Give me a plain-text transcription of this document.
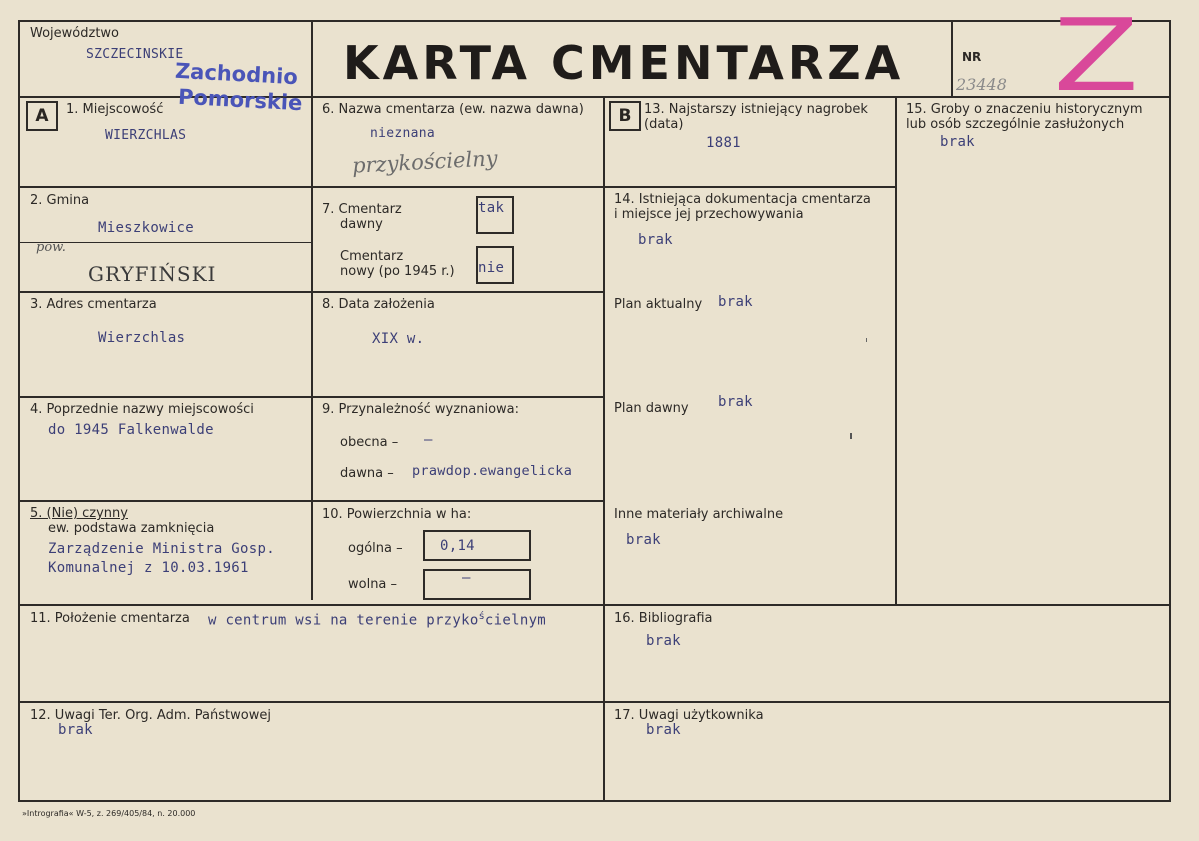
Województwo
SZCZECINSKIE
Zachodnio
Pomorskie
KARTA CMENTARZA	NR
23448 Z
A 1. Miejscowość
WIERZCHLAS
2. Gmina
Mieszkowice
pow.
GRYFIŃSKI
3. Adres cmentarza
Wierzchlas
4. Poprzednie nazwy miejscowości
do 1945 Falkenwalde
5. (Nie) czynny
ew. podstawa zamknięcia
Zarządzenie Ministra Gosp.
Komunalnej z 10.03.1961
6. Nazwa cmentarza (ew. nazwa dawna)
nieznana
przykościelny
7. Cmentarz
dawny
tak
Cmentarz
nowy (po 1945 r.) nie
8. Data założenia
XIX w.
9. Przynależność wyznaniowa:
obecna – –
dawna – prawdop.ewangelicka
10. Powierzchnia w ha:
ogólna –	0,14
wolna –	–
11. Położenie cmentarza w centrum wsi na terenie przyko$^ś$cielnym
12. Uwagi Ter. Org. Adm. Państwowej
brak
B 13. Najstarszy istniejący nagrobek
(data)
1881
14. Istniejąca dokumentacja cmentarza
i miejsce jej przechowywania
brak
Plan aktualny brak
Plan dawny brak
Inne materiały archiwalne
brak
15. Groby o znaczeniu historycznym
lub osób szczególnie zasłużonych
brak
16. Bibliografia
brak
17. Uwagi użytkownika
brak
»Intrografia« W-5, z. 269/405/84, n. 20.000
